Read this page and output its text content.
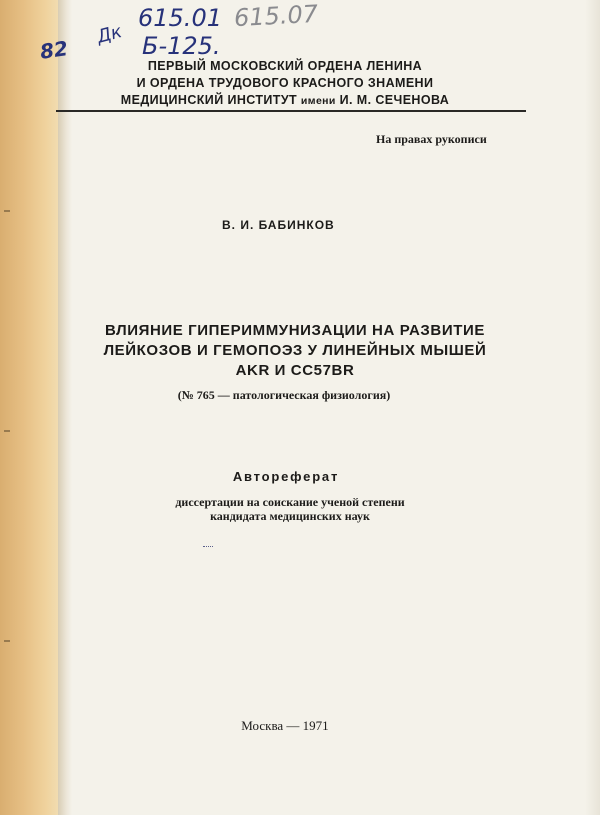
82
Дк
615.01
Б-125.
615.07
ПЕРВЫЙ МОСКОВСКИЙ ОРДЕНА ЛЕНИНА
И ОРДЕНА ТРУДОВОГО КРАСНОГО ЗНАМЕНИ
МЕДИЦИНСКИЙ ИНСТИТУТ имени И. М. СЕЧЕНОВА
На правах рукописи
В. И. БАБИНКОВ
ВЛИЯНИЕ ГИПЕРИММУНИЗАЦИИ НА РАЗВИТИЕ
ЛЕЙКОЗОВ И ГЕМОПОЭЗ У ЛИНЕЙНЫХ МЫШЕЙ
AKR И CC57BR
(№ 765 — патологическая физиология)
Автореферат
диссертации на соискание ученой степени
кандидата медицинских наук
Москва — 1971
